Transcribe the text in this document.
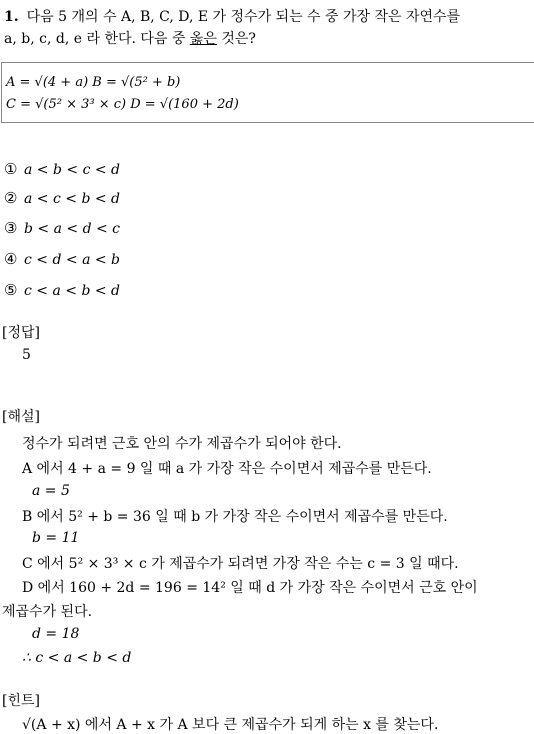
1. 다음 5 개의 수 A, B, C, D, E 가 정수가 되는 수 중 가장 작은 자연수를
a, b, c, d, e 라 한다. 다음 중 옳은 것은?
A = √(4 + a) B = √(5² + b)
C = √(5² × 3³ × c) D = √(160 + 2d)
① a < b < c < d
② a < c < b < d
③ b < a < d < c
④ c < d < a < b
⑤ c < a < b < d
[정답]
5
[해설]
정수가 되려면 근호 안의 수가 제곱수가 되어야 한다.
A 에서 4 + a = 9 일 때 a 가 가장 작은 수이면서 제곱수를 만든다.
a = 5
B 에서 5² + b = 36 일 때 b 가 가장 작은 수이면서 제곱수를 만든다.
b = 11
C 에서 5² × 3³ × c 가 제곱수가 되려면 가장 작은 수는 c = 3 일 때다.
D 에서 160 + 2d = 196 = 14² 일 때 d 가 가장 작은 수이면서 근호 안이
제곱수가 된다.
d = 18
∴ c < a < b < d
[힌트]
√(A + x) 에서 A + x 가 A 보다 큰 제곱수가 되게 하는 x 를 찾는다.
